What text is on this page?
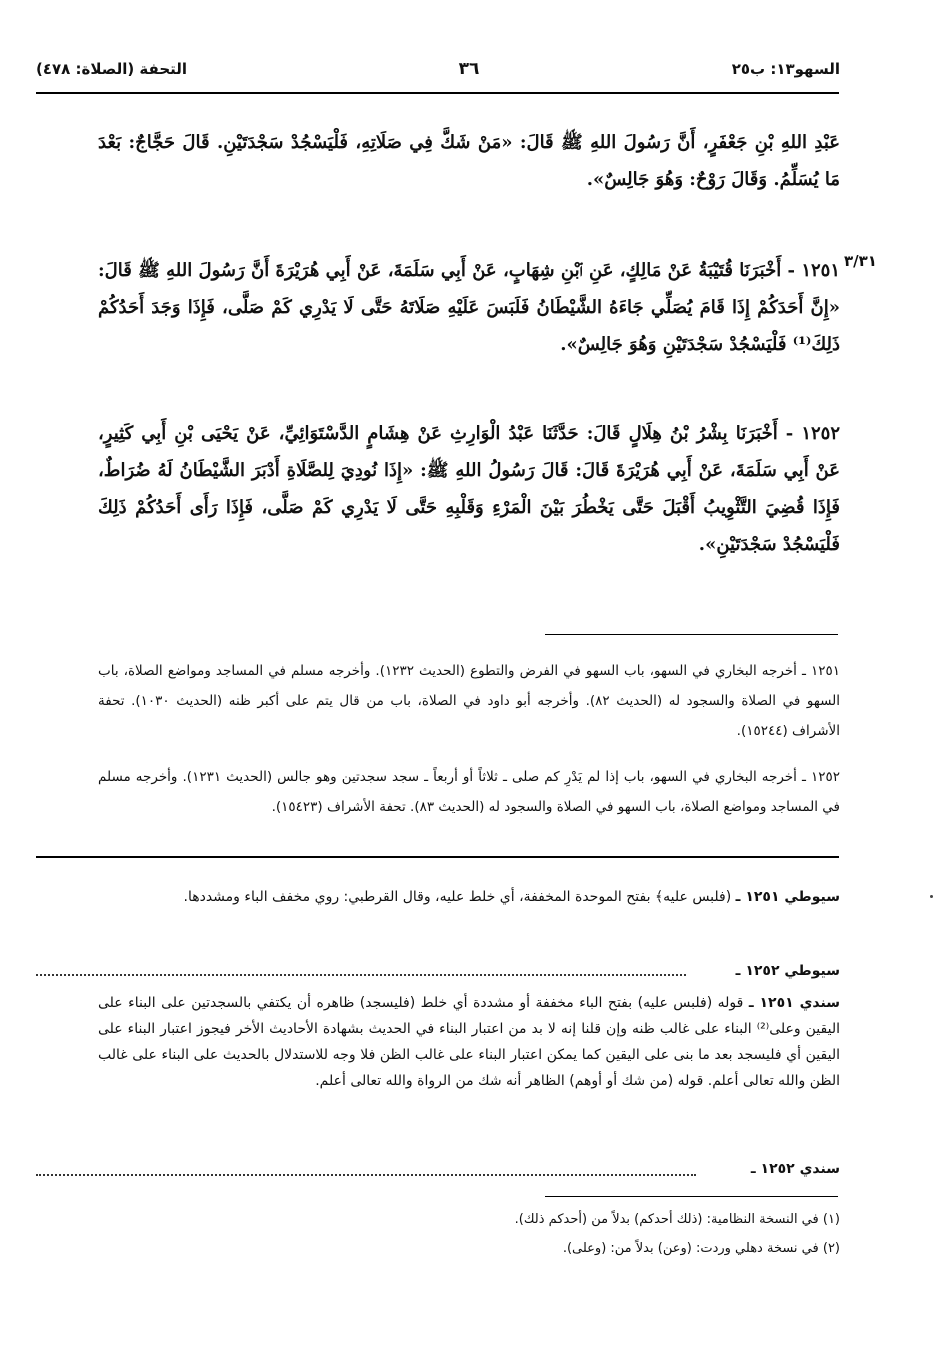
السهو١٣: ب٢٥
٣٦
التحفة (الصلاة: ٤٧٨)
عَبْدِ اللهِ بْنِ جَعْفَرٍ، أَنَّ رَسُولَ اللهِ ﷺ قَالَ: «مَنْ شَكَّ فِي صَلَاتِهِ، فَلْيَسْجُدْ سَجْدَتَيْنِ. قَالَ حَجَّاجٌ: بَعْدَ مَا يُسَلِّمُ. وَقَالَ رَوْحٌ: وَهُوَ جَالِسٌ».
٣/٣١
١٢٥١ - أَخْبَرَنَا قُتَيْبَةُ عَنْ مَالِكٍ، عَنِ ٱبْنِ شِهَابٍ، عَنْ أَبِي سَلَمَةَ، عَنْ أَبِي هُرَيْرَةَ أَنَّ رَسُولَ اللهِ ﷺ قَالَ: «إِنَّ أَحَدَكُمْ إِذَا قَامَ يُصَلِّي جَاءَهُ الشَّيْطَانُ فَلَبَسَ عَلَيْهِ صَلَاتَهُ حَتَّى لَا يَدْرِي كَمْ صَلَّى، فَإِذَا وَجَدَ أَحَدُكُمْ ذَلِكَ⁽¹⁾ فَلْيَسْجُدْ سَجْدَتَيْنِ وَهُوَ جَالِسٌ».
١٢٥٢ - أَخْبَرَنَا بِشْرُ بْنُ هِلَالٍ قَالَ: حَدَّثَنَا عَبْدُ الْوَارِثِ عَنْ هِشَامٍ الدَّسْتَوَائِيِّ، عَنْ يَحْيَى بْنِ أَبِي كَثِيرٍ، عَنْ أَبِي سَلَمَةَ، عَنْ أَبِي هُرَيْرَةَ قَالَ: قَالَ رَسُولُ اللهِ ﷺ: «إِذَا نُودِيَ لِلصَّلَاةِ أَدْبَرَ الشَّيْطَانُ لَهُ ضُرَاطٌ، فَإِذَا قُضِيَ التَّثْوِيبُ أَقْبَلَ حَتَّى يَخْطُرَ بَيْنَ الْمَرْءِ وَقَلْبِهِ حَتَّى لَا يَدْرِي كَمْ صَلَّى، فَإِذَا رَأَى أَحَدُكُمْ ذَلِكَ فَلْيَسْجُدْ سَجْدَتَيْنِ».
١٢٥١ ـ أخرجه البخاري في السهو، باب السهو في الفرض والتطوع (الحديث ١٢٣٢). وأخرجه مسلم في المساجد ومواضع الصلاة، باب السهو في الصلاة والسجود له (الحديث ٨٢). وأخرجه أبو داود في الصلاة، باب من قال يتم على أكبر ظنه (الحديث ١٠٣٠). تحفة الأشراف (١٥٢٤٤).
١٢٥٢ ـ أخرجه البخاري في السهو، باب إذا لم يَدْرِ كم صلى ـ ثلاثاً أو أربعاً ـ سجد سجدتين وهو جالس (الحديث ١٢٣١). وأخرجه مسلم في المساجد ومواضع الصلاة، باب السهو في الصلاة والسجود له (الحديث ٨٣). تحفة الأشراف (١٥٤٢٣).
سيوطي ١٢٥١ ـ (فلبس عليه﴾ بفتح الموحدة المخففة، أي خلط عليه، وقال القرطبي: روي مخفف الباء ومشددها.
سيوطي ١٢٥٢ ـ
سندي ١٢٥١ ـ قوله (فلبس عليه) بفتح الباء مخففة أو مشددة أي خلط (فليسجد) ظاهره أن يكتفي بالسجدتين على البناء على اليقين وعلى⁽²⁾ البناء على غالب ظنه وإن قلنا إنه لا بد من اعتبار البناء في الحديث بشهادة الأحاديث الأخر فيجوز اعتبار البناء على اليقين أي فليسجد بعد ما بنى على اليقين كما يمكن اعتبار البناء على غالب الظن فلا وجه للاستدلال بالحديث على البناء على غالب الظن والله تعالى أعلم. قوله (من شك أو أوهم) الظاهر أنه شك من الرواة والله تعالى أعلم.
سندي ١٢٥٢ ـ
(١) في النسخة النظامية: (ذلك أحدكم) بدلاً من (أحدكم ذلك).
(٢) في نسخة دهلي وردت: (وعن) بدلاً من: (وعلى).
